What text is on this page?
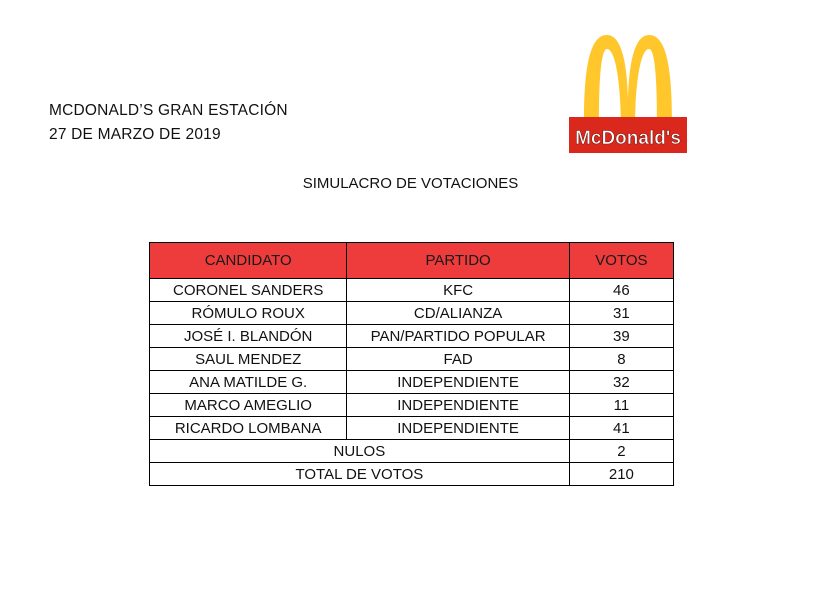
MCDONALD’S GRAN ESTACIÓN
27 DE MARZO DE 2019	McDonald's
SIMULACRO DE VOTACIONES
CANDIDATO	PARTIDO	VOTOS
CORONEL SANDERS	KFC	46
RÓMULO ROUX	CD/ALIANZA	31
JOSÉ I. BLANDÓN	PAN/PARTIDO POPULAR	39
SAUL MENDEZ	FAD	8
ANA MATILDE G.	INDEPENDIENTE	32
MARCO AMEGLIO	INDEPENDIENTE	11
RICARDO LOMBANA	INDEPENDIENTE	41
NULOS		2
TOTAL DE VOTOS		210
